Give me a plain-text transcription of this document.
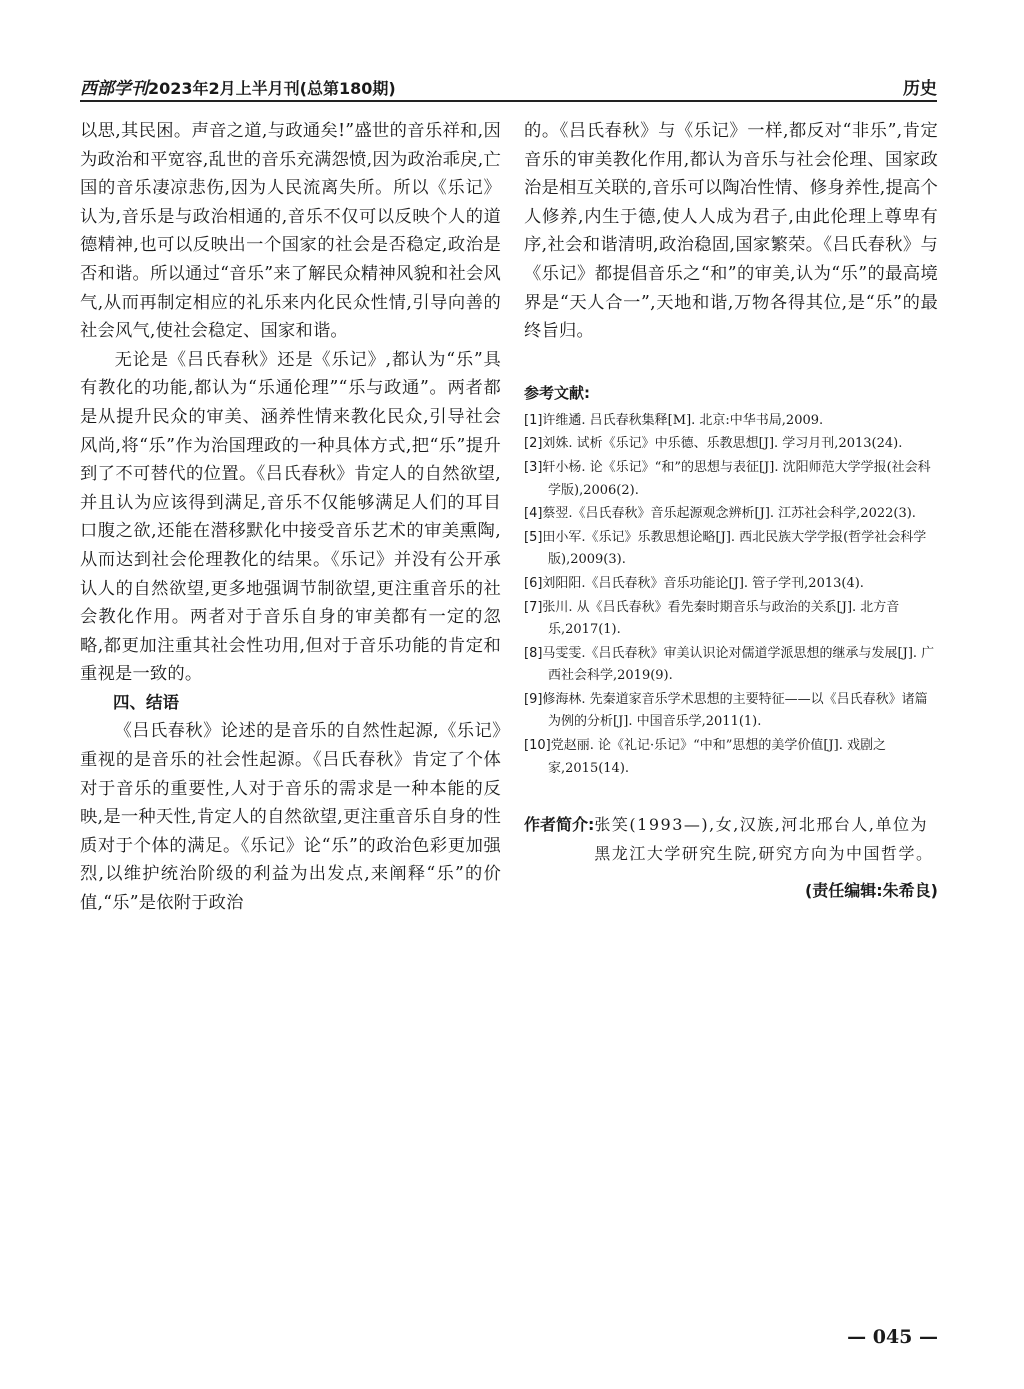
西部学刊2023年2月上半月刊(总第180期)	历史

以思,其民困。声音之道,与政通矣!”盛世的音乐祥和,因为政治和平宽容,乱世的音乐充满怨愤,因为政治乖戾,亡国的音乐凄凉悲伤,因为人民流离失所。所以《乐记》认为,音乐是与政治相通的,音乐不仅可以反映个人的道德精神,也可以反映出一个国家的社会是否稳定,政治是否和谐。所以通过“音乐”来了解民众精神风貌和社会风气,从而再制定相应的礼乐来内化民众性情,引导向善的社会风气,使社会稳定、国家和谐。

无论是《吕氏春秋》还是《乐记》,都认为“乐”具有教化的功能,都认为“乐通伦理”“乐与政通”。两者都是从提升民众的审美、涵养性情来教化民众,引导社会风尚,将“乐”作为治国理政的一种具体方式,把“乐”提升到了不可替代的位置。《吕氏春秋》肯定人的自然欲望,并且认为应该得到满足,音乐不仅能够满足人们的耳目口腹之欲,还能在潜移默化中接受音乐艺术的审美熏陶,从而达到社会伦理教化的结果。《乐记》并没有公开承认人的自然欲望,更多地强调节制欲望,更注重音乐的社会教化作用。两者对于音乐自身的审美都有一定的忽略,都更加注重其社会性功用,但对于音乐功能的肯定和重视是一致的。

四、结语

《吕氏春秋》论述的是音乐的自然性起源,《乐记》重视的是音乐的社会性起源。《吕氏春秋》肯定了个体对于音乐的重要性,人对于音乐的需求是一种本能的反映,是一种天性,肯定人的自然欲望,更注重音乐自身的性质对于个体的满足。《乐记》论“乐”的政治色彩更加强烈,以维护统治阶级的利益为出发点,来阐释“乐”的价值,“乐”是依附于政治

的。《吕氏春秋》与《乐记》一样,都反对“非乐”,肯定音乐的审美教化作用,都认为音乐与社会伦理、国家政治是相互关联的,音乐可以陶冶性情、修身养性,提高个人修养,内生于德,使人人成为君子,由此伦理上尊卑有序,社会和谐清明,政治稳固,国家繁荣。《吕氏春秋》与《乐记》都提倡音乐之“和”的审美,认为“乐”的最高境界是“天人合一”,天地和谐,万物各得其位,是“乐”的最终旨归。

参考文献:

[1]许维遹. 吕氏春秋集释[M]. 北京:中华书局,2009.
[2]刘姝. 试析《乐记》中乐德、乐教思想[J]. 学习月刊,2013(24).
[3]轩小杨. 论《乐记》“和”的思想与表征[J]. 沈阳师范大学学报(社会科学版),2006(2).
[4]蔡翌.《吕氏春秋》音乐起源观念辨析[J]. 江苏社会科学,2022(3).
[5]田小军.《乐记》乐教思想论略[J]. 西北民族大学学报(哲学社会科学版),2009(3).
[6]刘阳阳.《吕氏春秋》音乐功能论[J]. 管子学刊,2013(4).
[7]张川. 从《吕氏春秋》看先秦时期音乐与政治的关系[J]. 北方音乐,2017(1).
[8]马雯雯.《吕氏春秋》审美认识论对儒道学派思想的继承与发展[J]. 广西社会科学,2019(9).
[9]修海林. 先秦道家音乐学术思想的主要特征——以《吕氏春秋》诸篇为例的分析[J]. 中国音乐学,2011(1).
[10]党赵丽. 论《礼记·乐记》“中和”思想的美学价值[J]. 戏剧之家,2015(14).
作者简介: 张笑(1993—),女,汉族,河北邢台人,单位为黑龙江大学研究生院,研究方向为中国哲学。
(责任编辑:朱希良)
— 045 —
